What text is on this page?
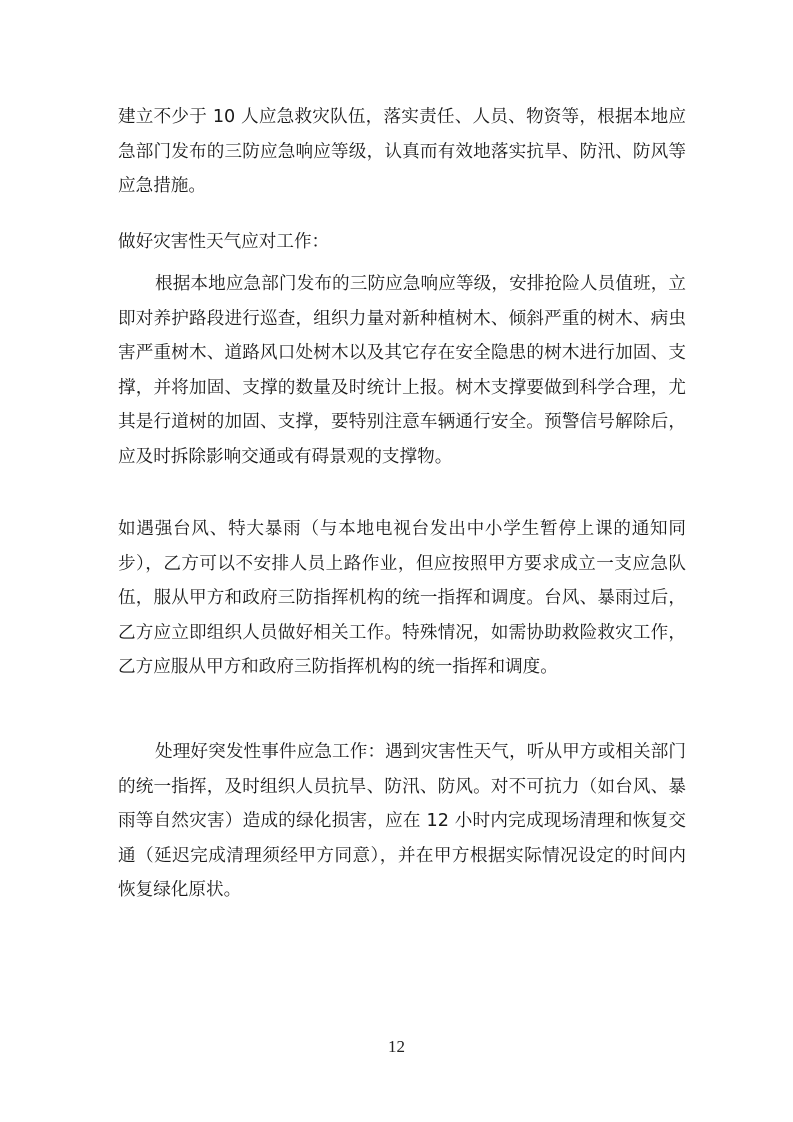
建立不少于 10 人应急救灾队伍，落实责任、人员、物资等，根据本地应急部门发布的三防应急响应等级，认真而有效地落实抗旱、防汛、防风等应急措施。

做好灾害性天气应对工作：

根据本地应急部门发布的三防应急响应等级，安排抢险人员值班，立即对养护路段进行巡查，组织力量对新种植树木、倾斜严重的树木、病虫害严重树木、道路风口处树木以及其它存在安全隐患的树木进行加固、支撑，并将加固、支撑的数量及时统计上报。树木支撑要做到科学合理，尤其是行道树的加固、支撑，要特别注意车辆通行安全。预警信号解除后，应及时拆除影响交通或有碍景观的支撑物。

如遇强台风、特大暴雨（与本地电视台发出中小学生暂停上课的通知同步），乙方可以不安排人员上路作业，但应按照甲方要求成立一支应急队伍，服从甲方和政府三防指挥机构的统一指挥和调度。台风、暴雨过后，乙方应立即组织人员做好相关工作。特殊情况，如需协助救险救灾工作，乙方应服从甲方和政府三防指挥机构的统一指挥和调度。

处理好突发性事件应急工作：遇到灾害性天气，听从甲方或相关部门的统一指挥，及时组织人员抗旱、防汛、防风。对不可抗力（如台风、暴雨等自然灾害）造成的绿化损害，应在 12 小时内完成现场清理和恢复交通（延迟完成清理须经甲方同意），并在甲方根据实际情况设定的时间内恢复绿化原状。

12
